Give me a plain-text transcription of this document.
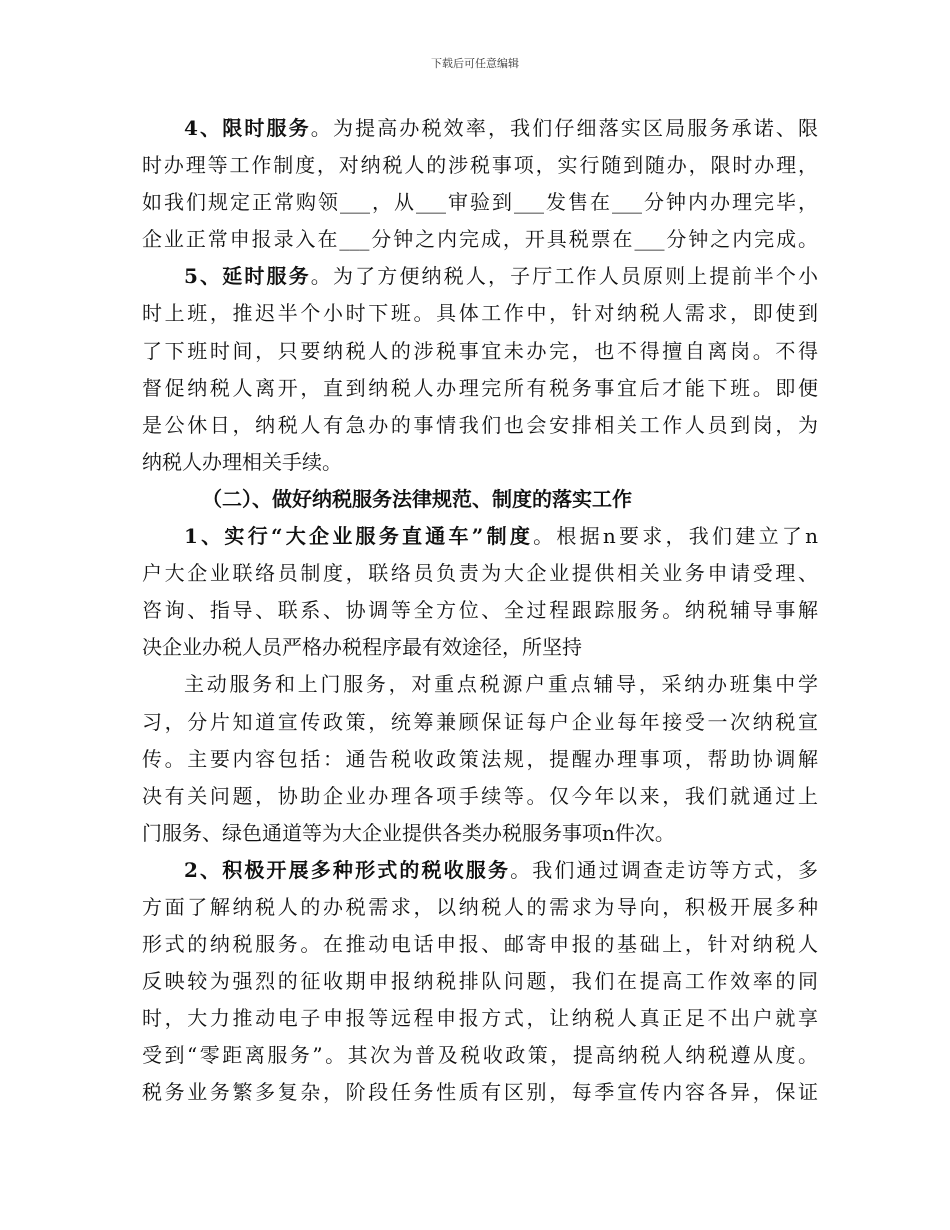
下载后可任意编辑
4、限时服务。为提高办税效率，我们仔细落实区局服务承诺、限
时办理等工作制度，对纳税人的涉税事项，实行随到随办，限时办理，
如我们规定正常购领___，从___审验到___发售在___分钟内办理完毕，
企业正常申报录入在___分钟之内完成，开具税票在___分钟之内完成。
5、延时服务。为了方便纳税人，子厅工作人员原则上提前半个小
时上班，推迟半个小时下班。具体工作中，针对纳税人需求，即使到
了下班时间，只要纳税人的涉税事宜未办完，也不得擅自离岗。不得
督促纳税人离开，直到纳税人办理完所有税务事宜后才能下班。即便
是公休日，纳税人有急办的事情我们也会安排相关工作人员到岗，为
纳税人办理相关手续。
（二）、做好纳税服务法律规范、制度的落实工作
1、实行“大企业服务直通车”制度。根据n要求，我们建立了n
户大企业联络员制度，联络员负责为大企业提供相关业务申请受理、
咨询、指导、联系、协调等全方位、全过程跟踪服务。纳税辅导事解
决企业办税人员严格办税程序最有效途径，所坚持
主动服务和上门服务，对重点税源户重点辅导，采纳办班集中学
习，分片知道宣传政策，统筹兼顾保证每户企业每年接受一次纳税宣
传。主要内容包括：通告税收政策法规，提醒办理事项，帮助协调解
决有关问题，协助企业办理各项手续等。仅今年以来，我们就通过上
门服务、绿色通道等为大企业提供各类办税服务事项n件次。
2、积极开展多种形式的税收服务。我们通过调查走访等方式，多
方面了解纳税人的办税需求，以纳税人的需求为导向，积极开展多种
形式的纳税服务。在推动电话申报、邮寄申报的基础上，针对纳税人
反映较为强烈的征收期申报纳税排队问题，我们在提高工作效率的同
时，大力推动电子申报等远程申报方式，让纳税人真正足不出户就享
受到“零距离服务”。其次为普及税收政策，提高纳税人纳税遵从度。
税务业务繁多复杂，阶段任务性质有区别，每季宣传内容各异，保证
